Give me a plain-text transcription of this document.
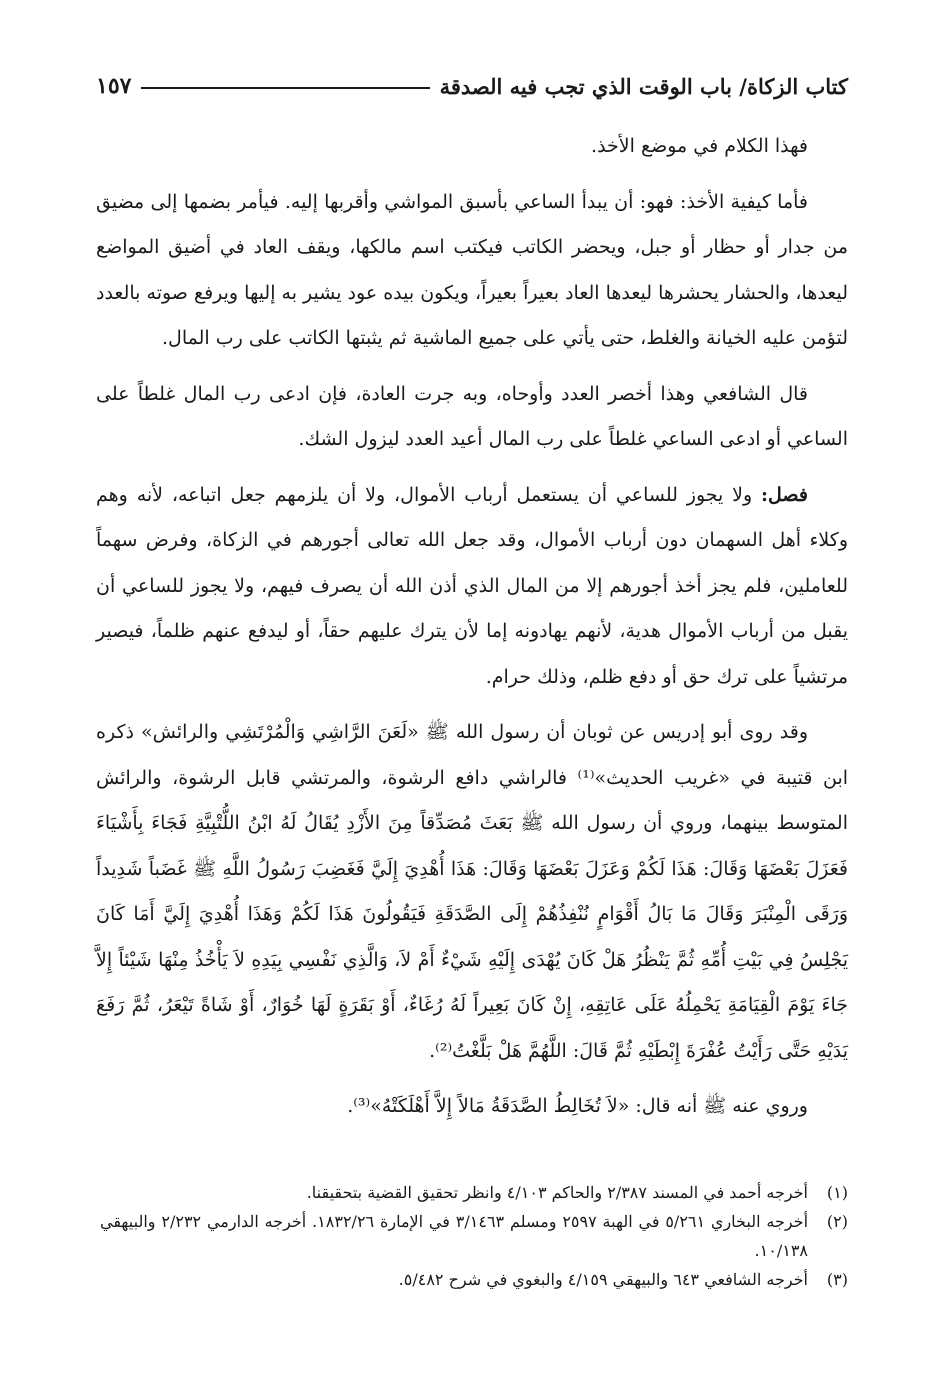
كتاب الزكاة/ باب الوقت الذي تجب فيه الصدقة
١٥٧

فهذا الكلام في موضع الأخذ.

فأما كيفية الأخذ: فهو: أن يبدأ الساعي بأسبق المواشي وأقربها إليه. فيأمر بضمها إلى مضيق من جدار أو حظار أو جبل، ويحضر الكاتب فيكتب اسم مالكها، ويقف العاد في أضيق المواضع ليعدها، والحشار يحشرها ليعدها العاد بعيراً بعيراً، ويكون بيده عود يشير به إليها ويرفع صوته بالعدد لتؤمن عليه الخيانة والغلط، حتى يأتي على جميع الماشية ثم يثبتها الكاتب على رب المال.

قال الشافعي وهذا أخصر العدد وأوحاه، وبه جرت العادة، فإن ادعى رب المال غلطاً على الساعي أو ادعى الساعي غلطاً على رب المال أعيد العدد ليزول الشك.

فصل: ولا يجوز للساعي أن يستعمل أرباب الأموال، ولا أن يلزمهم جعل اتباعه، لأنه وهم وكلاء أهل السهمان دون أرباب الأموال، وقد جعل الله تعالى أجورهم في الزكاة، وفرض سهماً للعاملين، فلم يجز أخذ أجورهم إلا من المال الذي أذن الله أن يصرف فيهم، ولا يجوز للساعي أن يقبل من أرباب الأموال هدية، لأنهم يهادونه إما لأن يترك عليهم حقاً، أو ليدفع عنهم ظلماً، فيصير مرتشياً على ترك حق أو دفع ظلم، وذلك حرام.

وقد روى أبو إدريس عن ثوبان أن رسول الله ﷺ «لَعَنَ الرَّاشِي وَالْمُرْتَشِي والرائش» ذكره ابن قتيبة في «غريب الحديث»⁽¹⁾ فالراشي دافع الرشوة، والمرتشي قابل الرشوة، والرائش المتوسط بينهما، وروي أن رسول الله ﷺ بَعَثَ مُصَدِّقاً مِنَ الأَزْدِ يُقَالُ لَهُ ابْنُ اللُّتْبِيَّةِ فَجَاءَ بِأَشْيَاءَ فَعَزَلَ بَعْضَهَا وَقَالَ: هَذَا لَكُمْ وَعَزَلَ بَعْضَهَا وَقَالَ: هَذَا أُهْدِيَ إِلَيَّ فَغَضِبَ رَسُولُ اللَّهِ ﷺ غَضَباً شَدِيداً وَرَقَى الْمِنْبَرَ وَقَالَ مَا بَالُ أَقْوَامٍ نُنْفِذُهُمْ إِلَى الصَّدَقَةِ فَيَقُولُونَ هَذَا لَكُمْ وَهَذَا أُهْدِيَ إِلَيَّ أَمَا كَانَ يَجْلِسُ فِي بَيْتِ أُمِّهِ ثُمَّ يَنْظُرُ هَلْ كَانَ يُهْدَى إِلَيْهِ شَيْءٌ أَمْ لاَ، وَالَّذِي نَفْسِي بِيَدِهِ لاَ يَأْخُذُ مِنْهَا شَيْئاً إِلاَّ جَاءَ يَوْمَ الْقِيَامَةِ يَحْمِلُهُ عَلَى عَاتِقِهِ، إِنْ كَانَ بَعِيراً لَهُ رُغَاءٌ، أَوْ بَقَرَةٍ لَهَا خُوَارٌ، أَوْ شَاةً تَيْعَرُ، ثُمَّ رَفَعَ يَدَيْهِ حَتَّى رَأَيْتُ عُفْرَةَ إِبْطَيْهِ ثُمَّ قَالَ: اللَّهُمَّ هَلْ بَلَّغْتُ⁽²⁾.

وروي عنه ﷺ أنه قال: «لاَ تُخَالِطُ الصَّدَقَةُ مَالاً إِلاَّ أَهْلَكَتْهُ»⁽³⁾.

(١)
أخرجه أحمد في المسند ٢/٣٨٧ والحاكم ٤/١٠٣ وانظر تحقيق القضية بتحقيقنا.
(٢)
أخرجه البخاري ٥/٢٦١ في الهبة ٢٥٩٧ ومسلم ٣/١٤٦٣ في الإمارة ١٨٣٢/٢٦. أخرجه الدارمي ٢/٢٣٢ والبيهقي ١٠/١٣٨.
(٣)
أخرجه الشافعي ٦٤٣ والبيهقي ٤/١٥٩ والبغوي في شرح ٥/٤٨٢.
